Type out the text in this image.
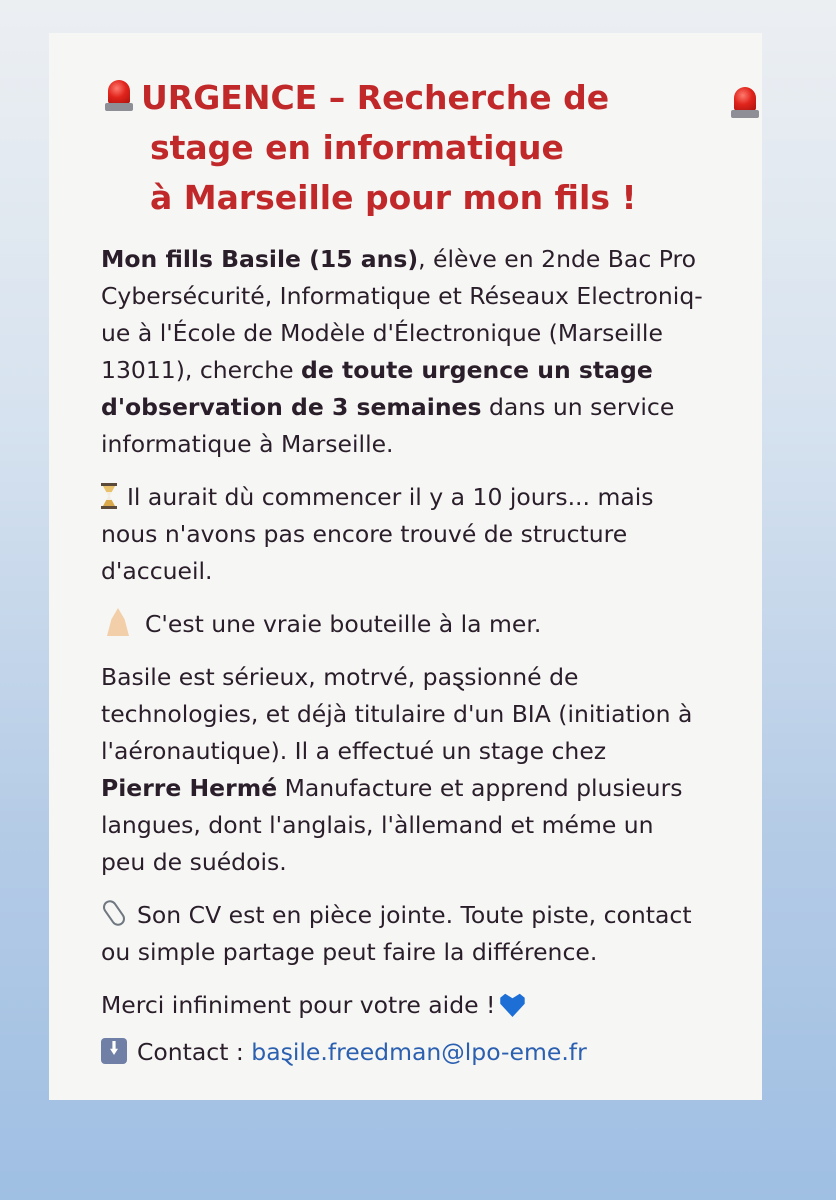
URGENCE – Recherche de
stage en informatique
à Marseille pour mon fils !

Mon fills Basile (15 ans), élève en 2nde Bac Pro
Cybersécurité, Informatique et Réseaux Electroniq-
ue à l'École de Modèle d'Électronique (Marseille
13011), cherche de toute urgence un stage
d'observation de 3 semaines dans un service
informatique à Marseille.

Il aurait dù commencer il y a 10 jours... mais
nous n'avons pas encore trouvé de structure
d'accueil.

C'est une vraie bouteille à la mer.

Basile est sérieux, motrvé, paȿsionné de
technologies, et déjà titulaire d'un BIA (initiation à
l'aéronautique). Il a effectué un stage chez
Pierre Hermé Manufacture et apprend plusieurs
langues, dont l'anglais, l'àllemand et méme un
peu de suédois.

Son CV est en pièce jointe. Toute piste, contact
ou simple partage peut faire la différence.

Merci infiniment pour votre aide !

Contact : baȿile.freedman@lpo-eme.fr
